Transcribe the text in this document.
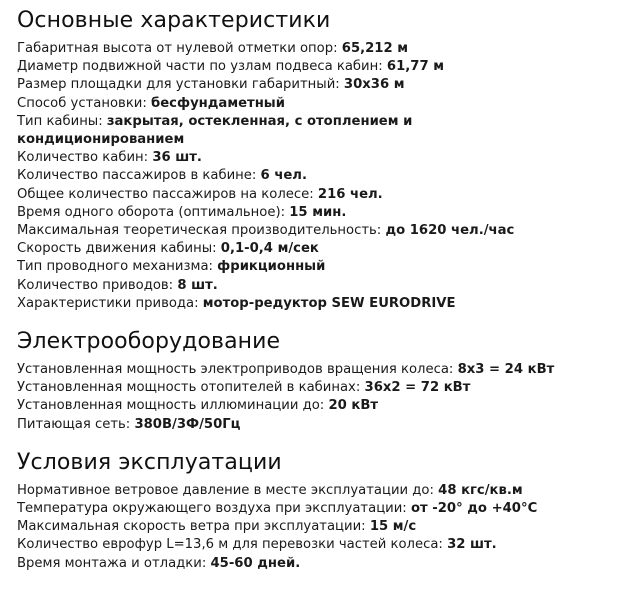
Основные характеристики
Габаритная высота от нулевой отметки опор: 65,212 м
Диаметр подвижной части по узлам подвеса кабин: 61,77 м
Размер площадки для установки габаритный: 30х36 м
Способ установки: бесфундаметный
Тип кабины: закрытая, остекленная, с отоплением и кондиционированием
Количество кабин: 36 шт.
Количество пассажиров в кабине: 6 чел.
Общее количество пассажиров на колесе: 216 чел.
Время одного оборота (оптимальное): 15 мин.
Максимальная теоретическая производительность: до 1620 чел./час
Скорость движения кабины: 0,1-0,4 м/сек
Тип проводного механизма: фрикционный
Количество приводов: 8 шт.
Характеристики привода: мотор-редуктор SEW EURODRIVE
Электрооборудование
Установленная мощность электроприводов вращения колеса: 8х3 = 24 кВт
Установленная мощность отопителей в кабинах: 36х2 = 72 кВт
Установленная мощность иллюминации до: 20 кВт
Питающая сеть: 380В/3Ф/50Гц
Условия эксплуатации
Нормативное ветровое давление в месте эксплуатации до: 48 кгс/кв.м
Температура окружающего воздуха при эксплуатации: от -20° до +40°C
Максимальная скорость ветра при эксплуатации: 15 м/с
Количество еврофур L=13,6 м для перевозки частей колеса: 32 шт.
Время монтажа и отладки: 45-60 дней.
